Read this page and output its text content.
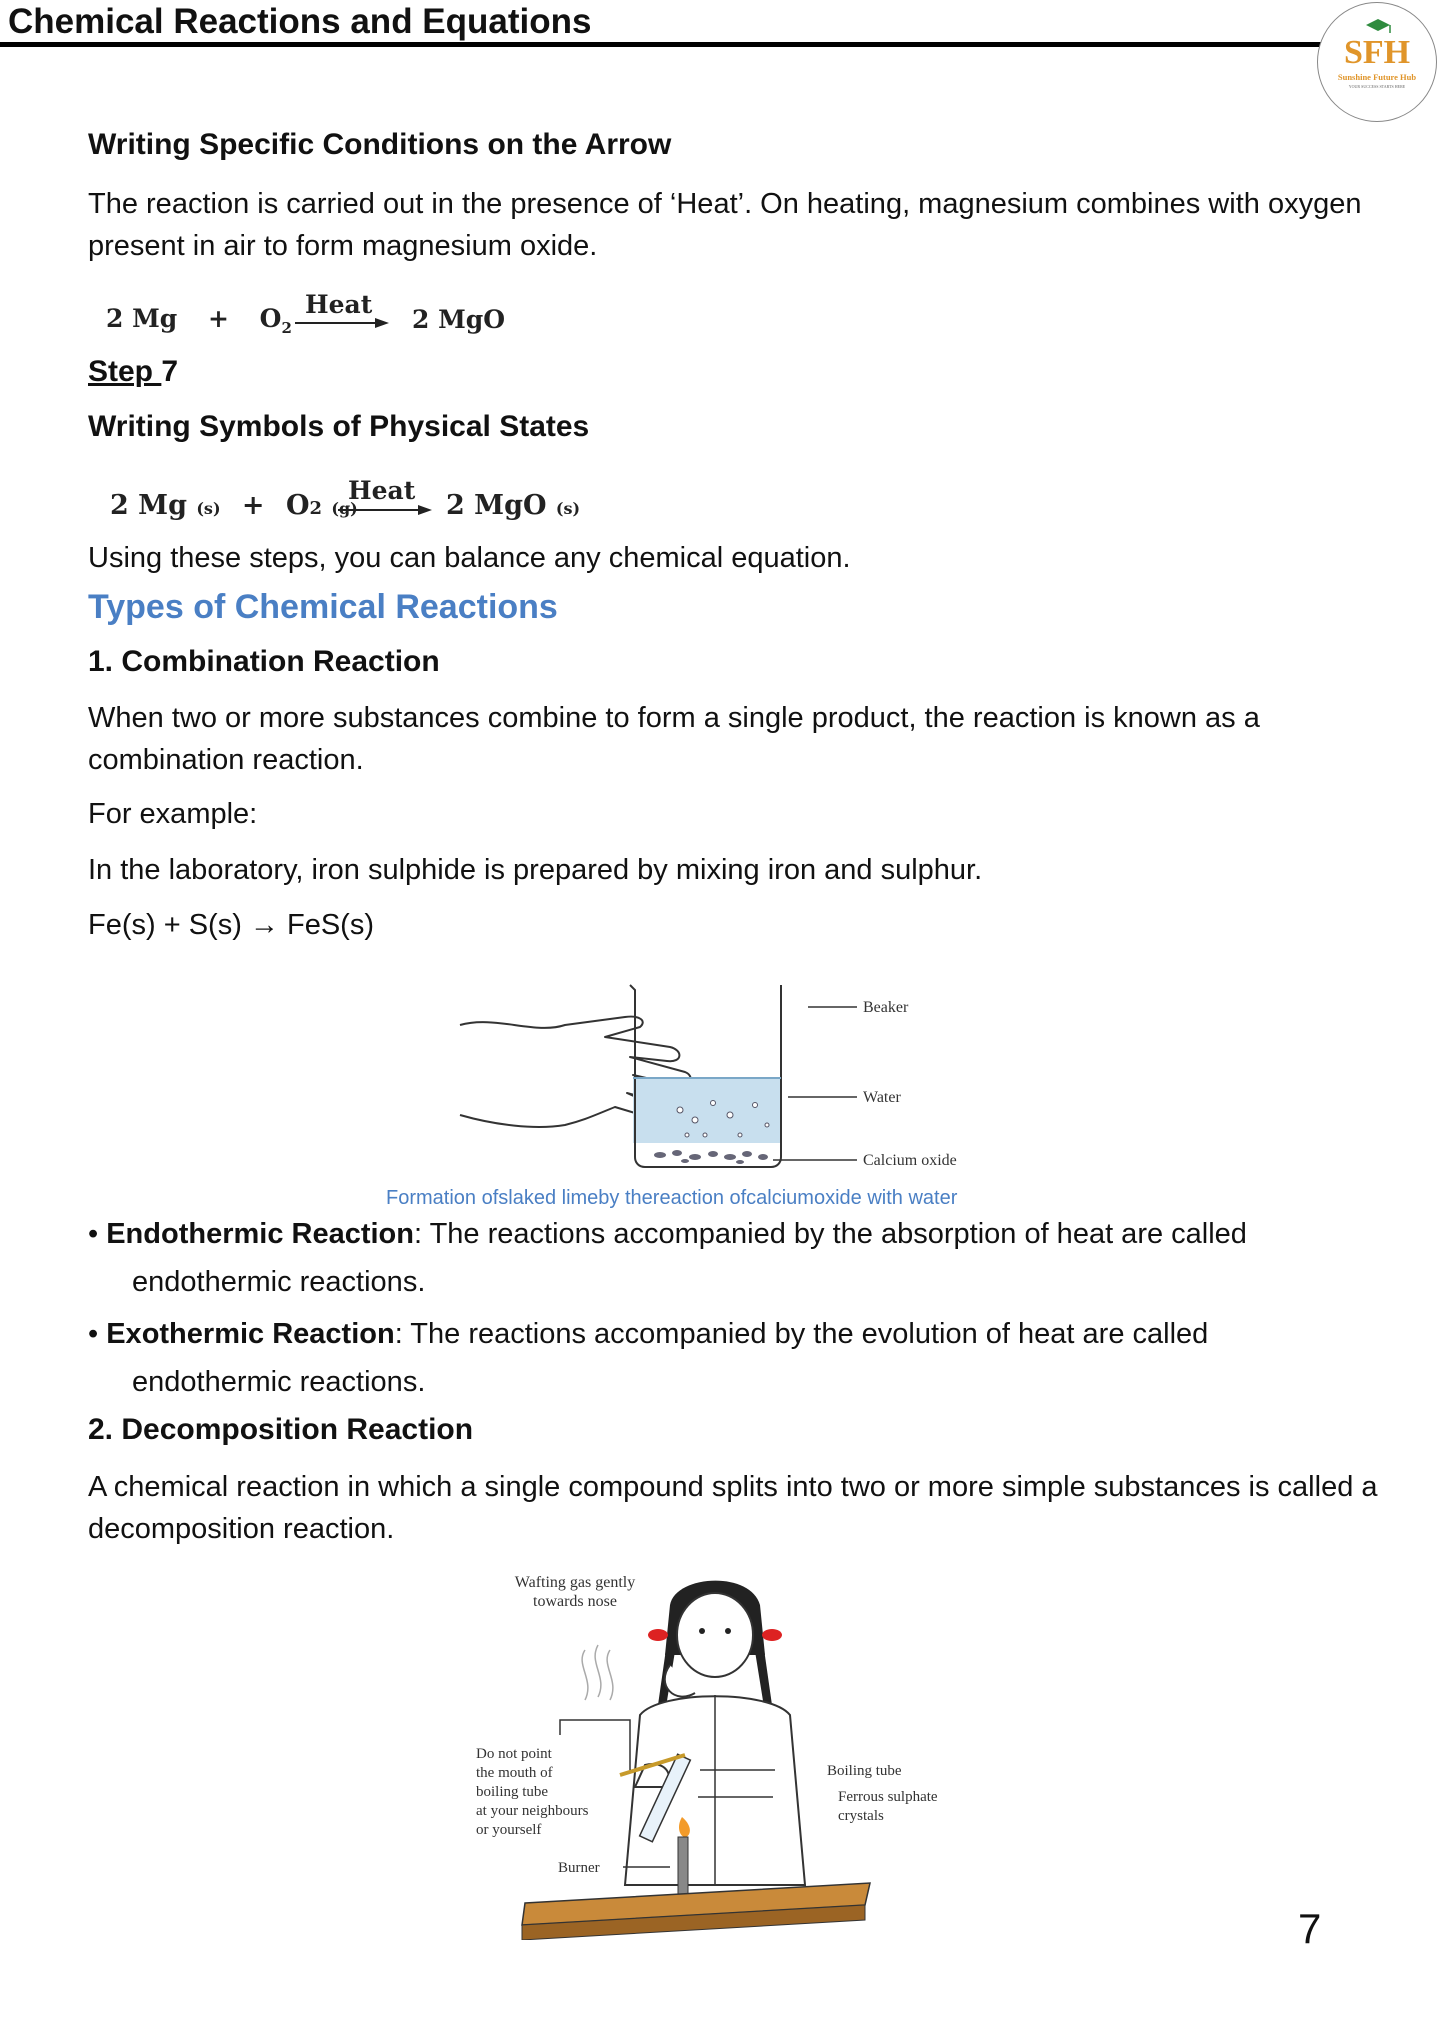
Chemical Reactions and Equations
SFH
Sunshine Future Hub
YOUR SUCCESS STARTS HERE
Writing Specific Conditions on the Arrow
The reaction is carried out in the presence of ‘Heat’. On heating, magnesium combines with oxygen present in air to form magnesium oxide.
2 $Mg + O_2$
Heat
2 MgO
Step 7
Writing Symbols of Physical States
2 Mg (s) + O2 (g)
Heat 2 MgO (s)
Using these steps, you can balance any chemical equation.
Types of Chemical Reactions
1. Combination Reaction
When two or more substances combine to form a single product, the reaction is known as a combination reaction.
For example:
In the laboratory, iron sulphide is prepared by mixing iron and sulphur.
Fe(s) + S(s) → FeS(s)
Beaker
Water
Calcium oxide
Formation ofslaked limeby thereaction ofcalciumoxide with water
• Endothermic Reaction: The reactions accompanied by the absorption of heat are called
endothermic reactions.
• Exothermic Reaction: The reactions accompanied by the evolution of heat are called
endothermic reactions.
2. Decomposition Reaction
A chemical reaction in which a single compound splits into two or more simple substances is called a decomposition reaction.
Wafting gas gently
towards nose
Do not point
the mouth of
boiling tube
at your neighbours
or yourself
Burner
Boiling tube
Ferrous sulphate
crystals
7
